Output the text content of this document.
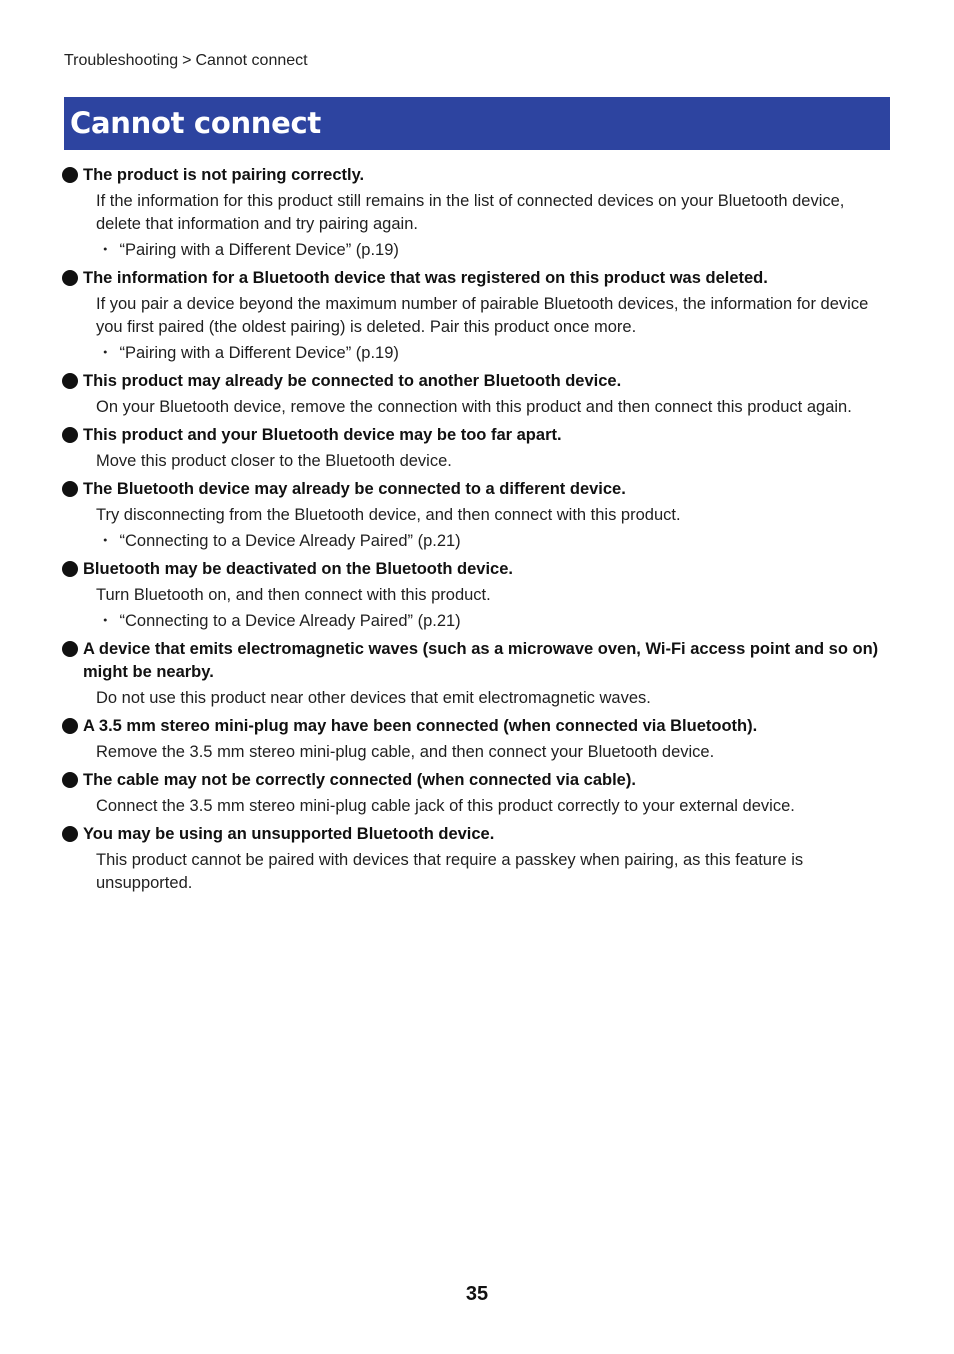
Troubleshooting > Cannot connect
Cannot connect
The product is not pairing correctly.
If the information for this product still remains in the list of connected devices on your Bluetooth device, delete that information and try pairing again.
・ “Pairing with a Different Device” (p.19)
The information for a Bluetooth device that was registered on this product was deleted.
If you pair a device beyond the maximum number of pairable Bluetooth devices, the information for device you first paired (the oldest pairing) is deleted. Pair this product once more.
・ “Pairing with a Different Device” (p.19)
This product may already be connected to another Bluetooth device.
On your Bluetooth device, remove the connection with this product and then connect this product again.
This product and your Bluetooth device may be too far apart.
Move this product closer to the Bluetooth device.
The Bluetooth device may already be connected to a different device.
Try disconnecting from the Bluetooth device, and then connect with this product.
・ “Connecting to a Device Already Paired” (p.21)
Bluetooth may be deactivated on the Bluetooth device.
Turn Bluetooth on, and then connect with this product.
・ “Connecting to a Device Already Paired” (p.21)
A device that emits electromagnetic waves (such as a microwave oven, Wi-Fi access point and so on) might be nearby.
Do not use this product near other devices that emit electromagnetic waves.
A 3.5 mm stereo mini-plug may have been connected (when connected via Bluetooth).
Remove the 3.5 mm stereo mini-plug cable, and then connect your Bluetooth device.
The cable may not be correctly connected (when connected via cable).
Connect the 3.5 mm stereo mini-plug cable jack of this product correctly to your external device.
You may be using an unsupported Bluetooth device.
This product cannot be paired with devices that require a passkey when pairing, as this feature is unsupported.
35
